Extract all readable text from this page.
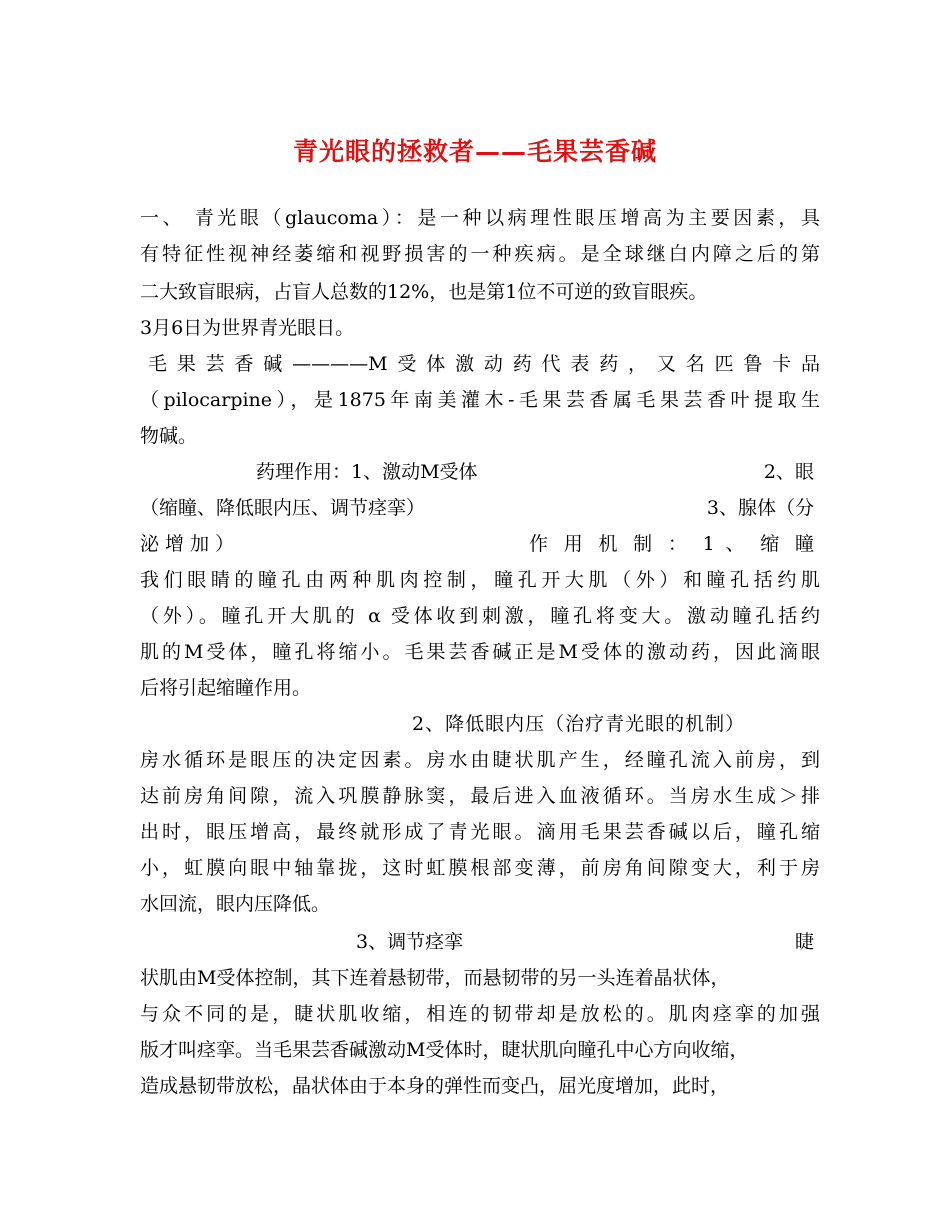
青光眼的拯救者——毛果芸香碱
一、 青光眼（glaucoma）：是一种以病理性眼压增高为主要因素，具
有特征性视神经萎缩和视野损害的一种疾病。是全球继白内障之后的第
二大致盲眼病，占盲人总数的12%，也是第1位不可逆的致盲眼疾。
3月6日为世界青光眼日。
毛果芸香碱————M受体激动药代表药，又名匹鲁卡品
（pilocarpine），是1875年南美灌木-毛果芸香属毛果芸香叶提取生
物碱。
药理作用：1、激动M受体	2、眼
（缩瞳、降低眼内压、调节痉挛）	3、腺体（分
泌 增 加 ）	作 用 机 制 ： 1 、 缩 瞳
我们眼睛的瞳孔由两种肌肉控制，瞳孔开大肌（外）和瞳孔括约肌
（外）。瞳孔开大肌的 α 受体收到刺激，瞳孔将变大。激动瞳孔括约
肌的M受体，瞳孔将缩小。毛果芸香碱正是M受体的激动药，因此滴眼
后将引起缩瞳作用。
2、降低眼内压（治疗青光眼的机制）
房水循环是眼压的决定因素。房水由睫状肌产生，经瞳孔流入前房，到
达前房角间隙，流入巩膜静脉窦，最后进入血液循环。当房水生成＞排
出时，眼压增高，最终就形成了青光眼。滴用毛果芸香碱以后，瞳孔缩
小，虹膜向眼中轴靠拢，这时虹膜根部变薄，前房角间隙变大，利于房
水回流，眼内压降低。
3、调节痉挛	睫
状肌由M受体控制，其下连着悬韧带，而悬韧带的另一头连着晶状体，
与众不同的是，睫状肌收缩，相连的韧带却是放松的。肌肉痉挛的加强
版才叫痉挛。当毛果芸香碱激动M受体时，睫状肌向瞳孔中心方向收缩，
造成悬韧带放松，晶状体由于本身的弹性而变凸，屈光度增加，此时，
